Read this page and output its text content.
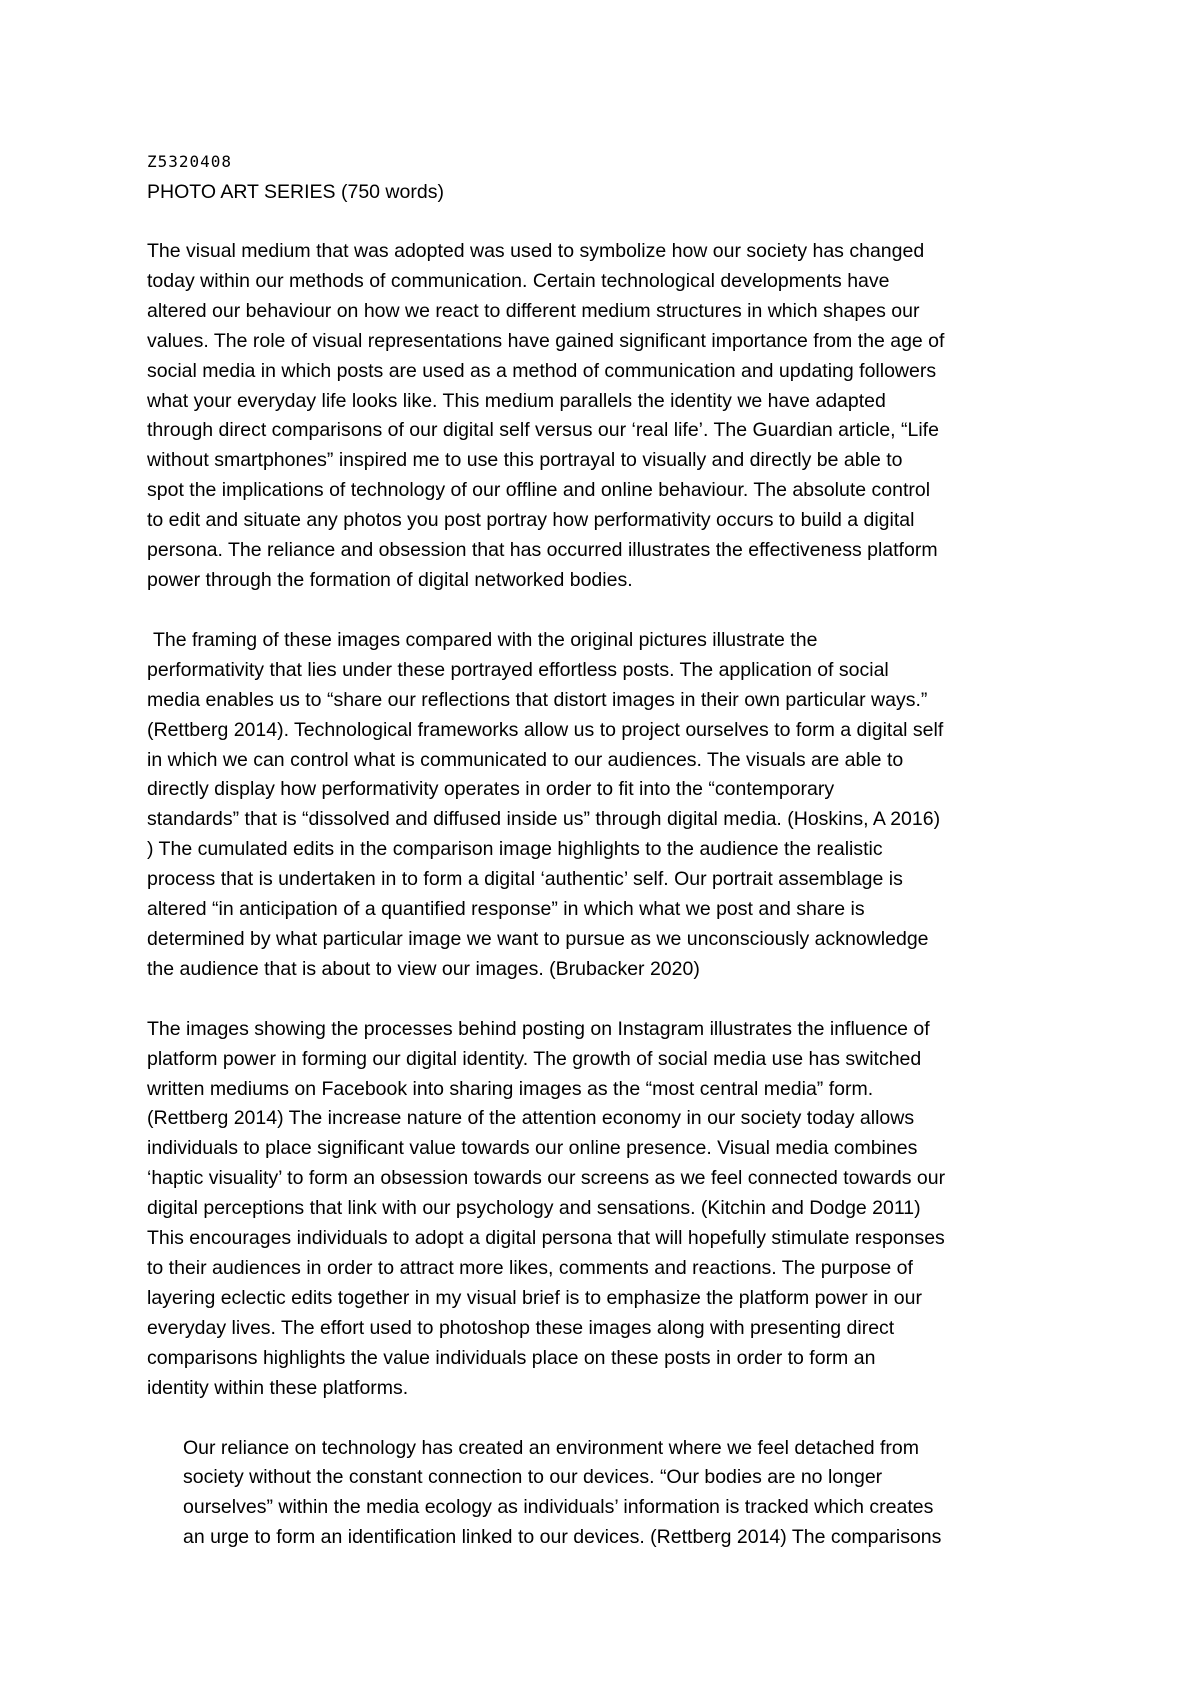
Z5320408

PHOTO ART SERIES (750 words)

The visual medium that was adopted was used to symbolize how our society has changed
today within our methods of communication. Certain technological developments have
altered our behaviour on how we react to different medium structures in which shapes our
values. The role of visual representations have gained significant importance from the age of
social media in which posts are used as a method of communication and updating followers
what your everyday life looks like. This medium parallels the identity we have adapted
through direct comparisons of our digital self versus our ‘real life’. The Guardian article, “Life
without smartphones” inspired me to use this portrayal to visually and directly be able to
spot the implications of technology of our offline and online behaviour. The absolute control
to edit and situate any photos you post portray how performativity occurs to build a digital
persona. The reliance and obsession that has occurred illustrates the effectiveness platform
power through the formation of digital networked bodies.

The framing of these images compared with the original pictures illustrate the
performativity that lies under these portrayed effortless posts. The application of social
media enables us to “share our reflections that distort images in their own particular ways.”
(Rettberg 2014). Technological frameworks allow us to project ourselves to form a digital self
in which we can control what is communicated to our audiences. The visuals are able to
directly display how performativity operates in order to fit into the “contemporary
standards” that is “dissolved and diffused inside us” through digital media. (Hoskins, A 2016)
) The cumulated edits in the comparison image highlights to the audience the realistic
process that is undertaken in to form a digital ‘authentic’ self. Our portrait assemblage is
altered “in anticipation of a quantified response” in which what we post and share is
determined by what particular image we want to pursue as we unconsciously acknowledge
the audience that is about to view our images. (Brubacker 2020)

The images showing the processes behind posting on Instagram illustrates the influence of
platform power in forming our digital identity. The growth of social media use has switched
written mediums on Facebook into sharing images as the “most central media” form.
(Rettberg 2014) The increase nature of the attention economy in our society today allows
individuals to place significant value towards our online presence. Visual media combines
‘haptic visuality’ to form an obsession towards our screens as we feel connected towards our
digital perceptions that link with our psychology and sensations. (Kitchin and Dodge 2011)
This encourages individuals to adopt a digital persona that will hopefully stimulate responses
to their audiences in order to attract more likes, comments and reactions. The purpose of
layering eclectic edits together in my visual brief is to emphasize the platform power in our
everyday lives. The effort used to photoshop these images along with presenting direct
comparisons highlights the value individuals place on these posts in order to form an
identity within these platforms.

Our reliance on technology has created an environment where we feel detached from
society without the constant connection to our devices. “Our bodies are no longer
ourselves” within the media ecology as individuals’ information is tracked which creates
an urge to form an identification linked to our devices. (Rettberg 2014) The comparisons
